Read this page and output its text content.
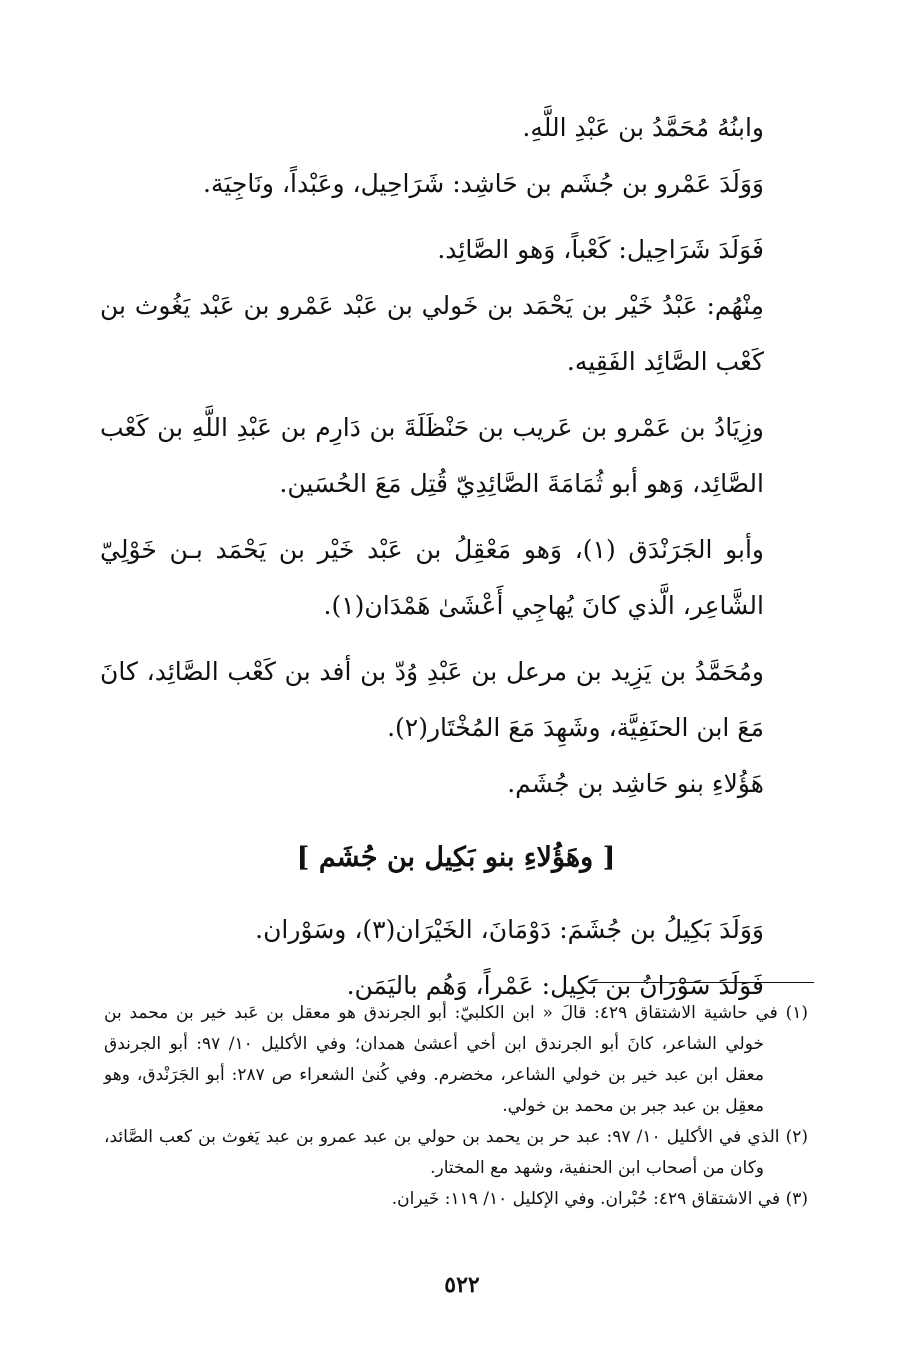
وابنُهُ مُحَمَّدُ بن عَبْدِ اللَّهِ.

وَوَلَدَ عَمْرو بن جُشَم بن حَاشِد: شَرَاحِيل، وعَبْداً، ونَاجِيَة.

فَوَلَدَ شَرَاحِيل: كَعْباً، وَهو الصَّائِد.

مِنْهُم: عَبْدُ خَيْر بن يَحْمَد بن خَولي بن عَبْد عَمْرو بن عَبْد يَغُوث بن كَعْب الصَّائِد الفَقِيه.

وزِيَادُ بن عَمْرو بن عَريب بن حَنْظَلَةَ بن دَارِم بن عَبْدِ اللَّهِ بن كَعْب الصَّائِد، وَهو أبو ثُمَامَةَ الصَّائِدِيّ قُتِل مَعَ الحُسَين.

وأبو الجَرَنْدَق (١)، وَهو مَعْقِلُ بن عَبْد خَيْر بن يَحْمَد بـن خَوْلِيّ الشَّاعِر، الَّذي كانَ يُهاجِي أَعْشَىٰ هَمْدَان(١).

ومُحَمَّدُ بن يَزِيد بن مرعل بن عَبْدِ وُدّ بن أفد بن كَعْب الصَّائِد، كانَ مَعَ ابن الحنَفِيَّة، وشَهِدَ مَعَ المُخْتَار(٢).

هَؤُلاءِ بنو حَاشِد بن جُشَم.

[ وهَؤُلاءِ بنو بَكِيل بن جُشَم ]

وَوَلَدَ بَكِيلُ بن جُشَمَ: دَوْمَانَ، الخَيْرَان(٣)، وسَوْران.

فَوَلَدَ سَوْرَانُ بن بَكِيل: عَمْراً، وَهُم باليَمَن.

(١) في حاشية الاشتقاق ٤٢٩: قالَ « ابن الكلبيّ: أبو الجرندق هو معقل بن عَبد خير بن محمد بن خولي الشاعر، كانَ أبو الجرندق ابن أخي أعشىٰ همدان؛ وفي الأكليل ١٠/ ٩٧: أبو الجرندق معقل ابن عبد خير بن خولي الشاعر، مخضرم. وفي كُنىٰ الشعراء ص ٢٨٧: أبو الجَرَنْدق، وهو معقِل بن عبد جبر بن محمد بن خولي.

(٢) الذي في الأكليل ١٠/ ٩٧: عبد حر بن يحمد بن حولي بن عبد عمرو بن عبد يَغوث بن كعب الصَّائد، وكان من أصحاب ابن الحنفية، وشهد مع المختار.

(٣) في الاشتقاق ٤٢٩: حُبْران. وفي الإكليل ١٠/ ١١٩: خَيران.

٥٢٢
